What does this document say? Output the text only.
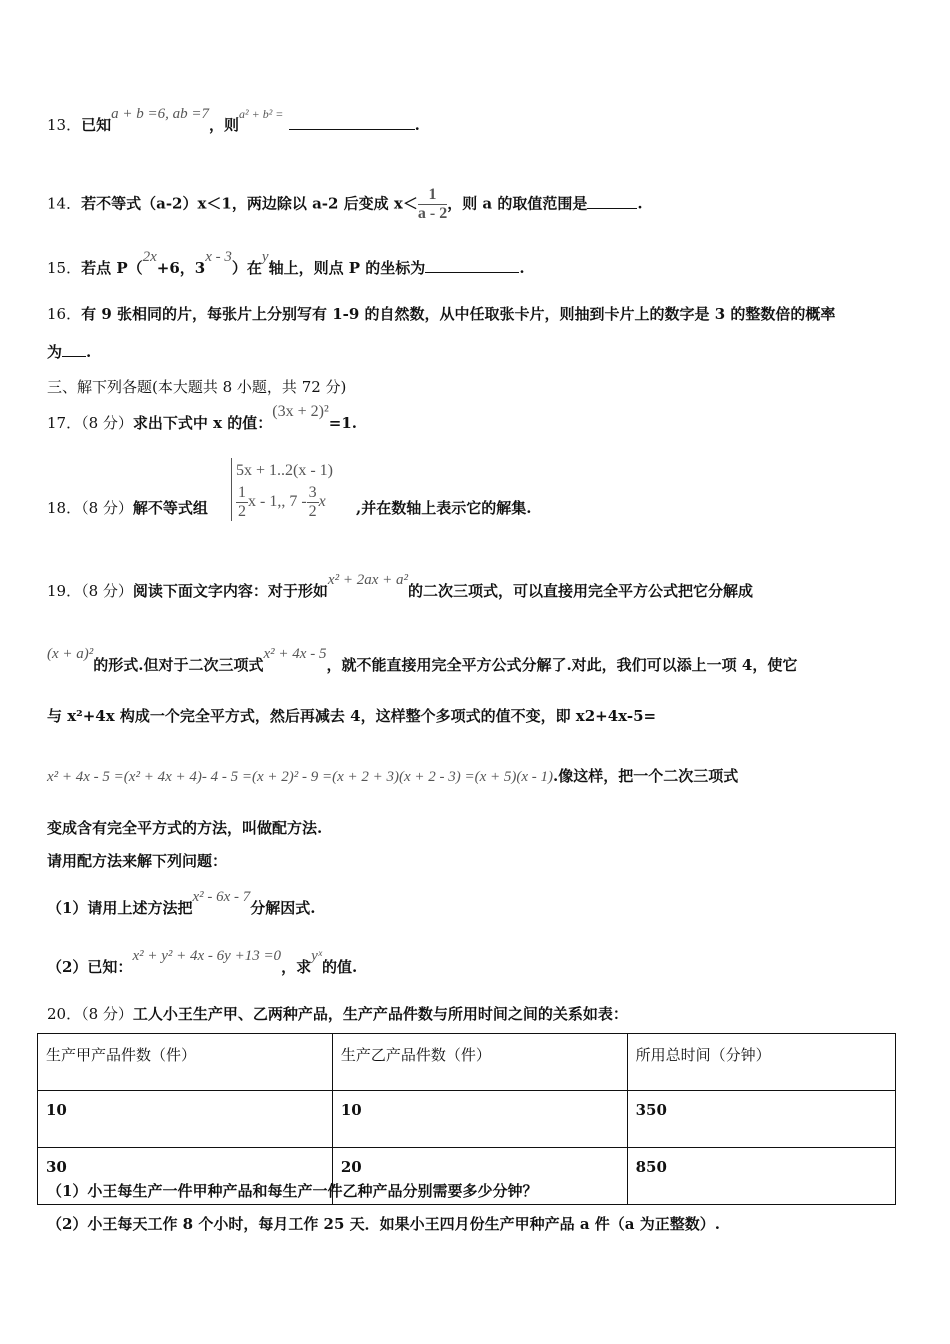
13．已知a + b =6, ab =7，则$^{a^2 + b^2 =}$ .
14．若不等式（a-2）x＜1，两边除以 a-2 后变成 $x< \frac{1}{a - 2}$ ，则 a 的取值范围是	.
15．若点 P（2x+6，3x - 3）在y轴上，则点 P 的坐标为	.
16．有 9 张相同的片，每张片上分别写有 1-9 的自然数，从中任取张卡片，则抽到卡片上的数字是 3 的整数倍的概率
为 .
三、解下列各题(本大题共 8 小题，共 72 分)
17．（8 分）求出下式中 x 的值：(3x + 2)²=1.
18．（8 分）解不等式组
5x + 1..2(x - 1)
$\frac{1}{2}$ x - 1,, $7 - \frac{3}{2}$ x	,并在数轴上表示它的解集.
19．（8 分）阅读下面文字内容：对于形如x² + 2ax + a²的二次三项式，可以直接用完全平方公式把它分解成
(x + a)²的形式.但对于二次三项式x² + 4x - 5，就不能直接用完全平方公式分解了.对此，我们可以添上一项 4，使它
与 x²+4x 构成一个完全平方式，然后再减去 4，这样整个多项式的值不变，即 x2+4x-5=
x² + 4x - 5 =(x² + 4x + 4)- 4 - 5 =(x + 2)² - 9 =(x + 2 + 3)(x + 2 - 3) =(x + 5)(x - 1).像这样，把一个二次三项式
变成含有完全平方式的方法，叫做配方法.
请用配方法来解下列问题：
（1）请用上述方法把x² - 6x - 7分解因式.
（2）已知：x² + y² + 4x - 6y +13 =0，求yˣ的值.
20．（8 分）工人小王生产甲、乙两种产品，生产产品件数与所用时间之间的关系如表：
生产甲产品件数（件）	生产乙产品件数（件）	所用总时间（分钟）
10	10	350
30	20	850
（1）小王每生产一件甲种产品和每生产一件乙种产品分别需要多少分钟？
（2）小王每天工作 8 个小时，每月工作 25 天．如果小王四月份生产甲种产品 a 件（a 为正整数）.
